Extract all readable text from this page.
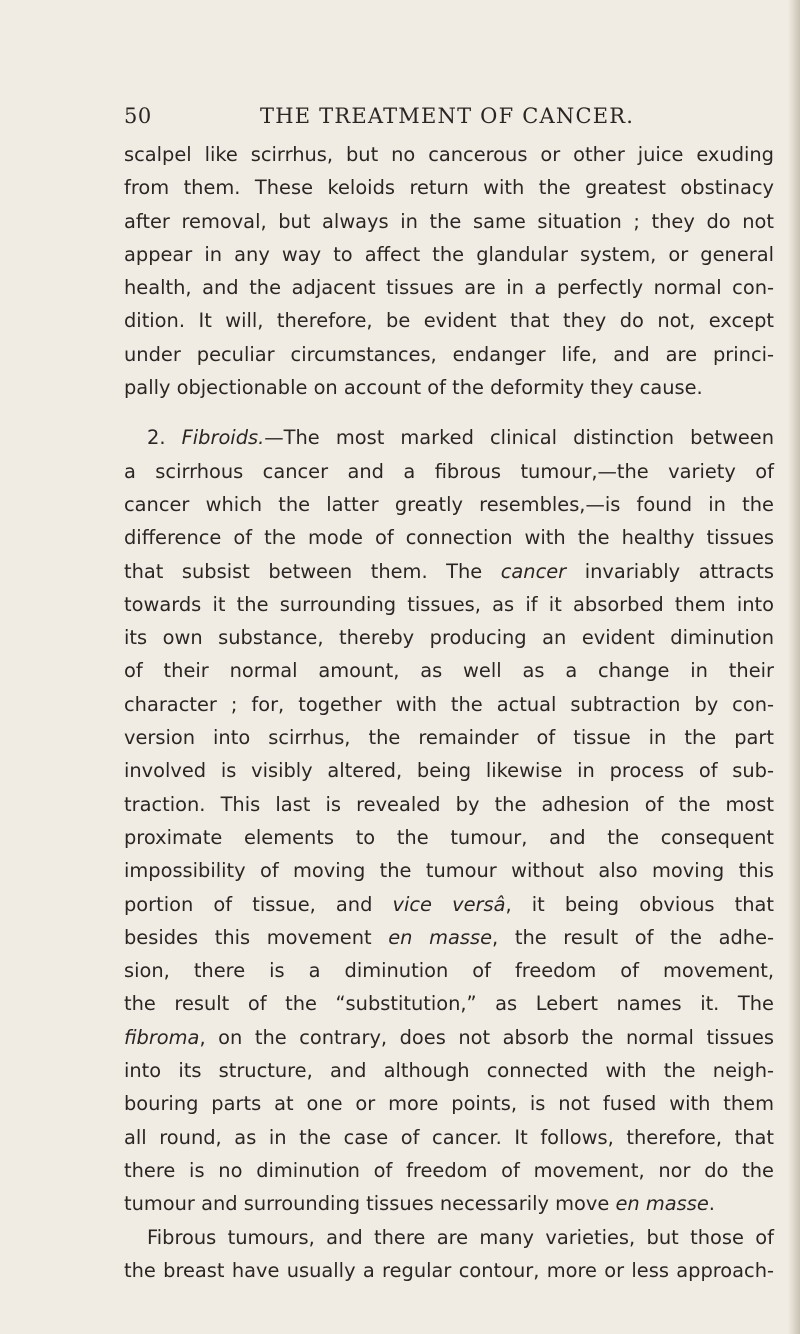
50	THE TREATMENT OF CANCER.
scalpel like scirrhus, but no cancerous or other juice exuding
from them. These keloids return with the greatest obstinacy
after removal, but always in the same situation ; they do not
appear in any way to affect the glandular system, or general
health, and the adjacent tissues are in a perfectly normal con-
dition. It will, therefore, be evident that they do not, except
under peculiar circumstances, endanger life, and are princi-
pally objectionable on account of the deformity they cause.
2. Fibroids.—The most marked clinical distinction between
a scirrhous cancer and a fibrous tumour,—the variety of
cancer which the latter greatly resembles,—is found in the
difference of the mode of connection with the healthy tissues
that subsist between them. The cancer invariably attracts
towards it the surrounding tissues, as if it absorbed them into
its own substance, thereby producing an evident diminution
of their normal amount, as well as a change in their
character ; for, together with the actual subtraction by con-
version into scirrhus, the remainder of tissue in the part
involved is visibly altered, being likewise in process of sub-
traction. This last is revealed by the adhesion of the most
proximate elements to the tumour, and the consequent
impossibility of moving the tumour without also moving this
portion of tissue, and vice versâ, it being obvious that
besides this movement en masse, the result of the adhe-
sion, there is a diminution of freedom of movement,
the result of the “substitution,” as Lebert names it. The
fibroma, on the contrary, does not absorb the normal tissues
into its structure, and although connected with the neigh-
bouring parts at one or more points, is not fused with them
all round, as in the case of cancer. It follows, therefore, that
there is no diminution of freedom of movement, nor do the
tumour and surrounding tissues necessarily move en masse.
Fibrous tumours, and there are many varieties, but those of
the breast have usually a regular contour, more or less approach-
